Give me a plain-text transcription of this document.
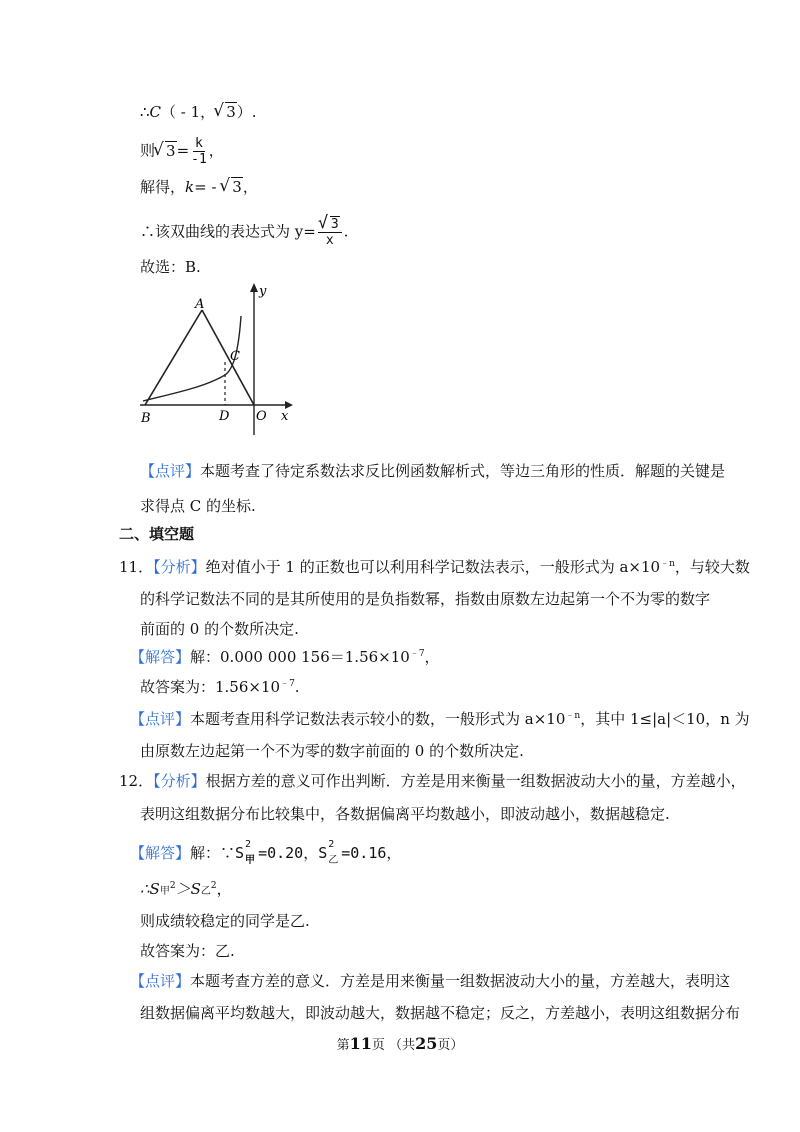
∴C（ - 1， √ 3）.
则 √ $3= \frac{k}{-1}$ ，
解得，k= - √ 3，
∴该双曲线的表达式为 y= √ $\frac{3}{x}$ .
故选：B.
A
B
C
D O x
y
【点评】本题考查了待定系数法求反比例函数解析式，等边三角形的性质．解题的关键是
求得点 C 的坐标.
二、填空题
11．【分析】绝对值小于 1 的正数也可以利用科学记数法表示，一般形式为 $a\times 10^{﹣n}$，与较大数
的科学记数法不同的是其所使用的是负指数幂，指数由原数左边起第一个不为零的数字
前面的 0 的个数所决定.
【解答】解：0.000 000 $156=1.56\times 10^{﹣7}$，
故答案为：$1.56\times 10^{﹣7}$.
【点评】本题考查用科学记数法表示较小的数，一般形式为 $a\times 10^{﹣n}$，其中 1≤|a|＜10，n 为
由原数左边起第一个不为零的数字前面的 0 的个数所决定.
12．【分析】根据方差的意义可作出判断．方差是用来衡量一组数据波动大小的量，方差越小，
表明这组数据分布比较集中，各数据偏离平均数越小，即波动越小，数据越稳定.
【解答】解：∵S 2
甲 =0.20，S 2
乙 =0.16，
∴S甲$^2$＞S乙$^2$，
则成绩较稳定的同学是乙.
故答案为：乙.
【点评】本题考查方差的意义．方差是用来衡量一组数据波动大小的量，方差越大，表明这
组数据偏离平均数越大，即波动越大，数据越不稳定；反之，方差越小，表明这组数据分布
第11页 （共25页）
